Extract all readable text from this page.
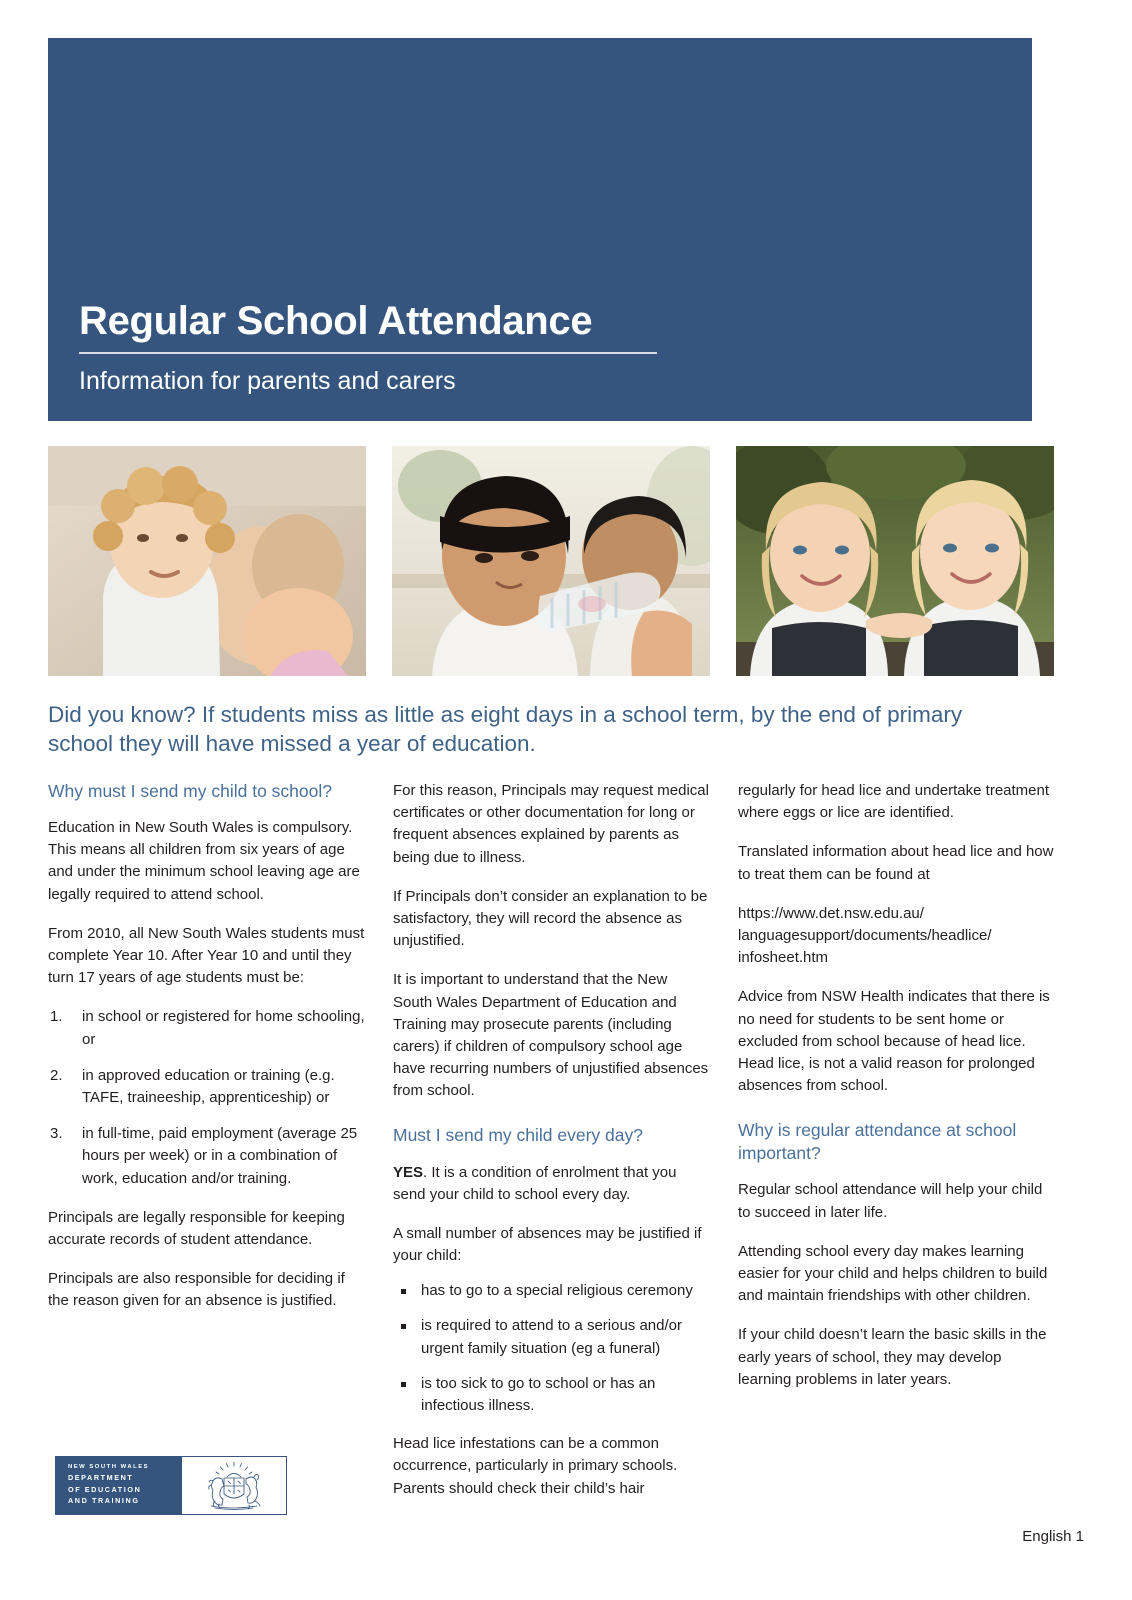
Regular School Attendance
Information for parents and carers
Did you know? If students miss as little as eight days in a school term, by the end of primary school they will have missed a year of education.
Why must I send my child to school?

Education in New South Wales is compulsory. This means all children from six years of age and under the minimum school leaving age are legally required to attend school.

From 2010, all New South Wales students must complete Year 10. After Year 10 and until they turn 17 years of age students must be:

1. in school or registered for home schooling, or
2. in approved education or training (e.g. TAFE, traineeship, apprenticeship) or
3. in full-time, paid employment (average 25 hours per week) or in a combination of work, education and/or training.

Principals are legally responsible for keeping accurate records of student attendance.

Principals are also responsible for deciding if the reason given for an absence is justified.

For this reason, Principals may request medical certificates or other documentation for long or frequent absences explained by parents as being due to illness.

If Principals don’t consider an explanation to be satisfactory, they will record the absence as unjustified.

It is important to understand that the New South Wales Department of Education and Training may prosecute parents (including carers) if children of compulsory school age have recurring numbers of unjustified absences from school.

Must I send my child every day?

YES. It is a condition of enrolment that you send your child to school every day.

A small number of absences may be justified if your child:

has to go to a special religious ceremony
is required to attend to a serious and/or urgent family situation (eg a funeral)
is too sick to go to school or has an infectious illness.

Head lice infestations can be a common occurrence, particularly in primary schools. Parents should check their child’s hair

regularly for head lice and undertake treatment where eggs or lice are identified.

Translated information about head lice and how to treat them can be found at

https://www.det.nsw.edu.au/
languagesupport/documents/headlice/
infosheet.htm

Advice from NSW Health indicates that there is no need for students to be sent home or excluded from school because of head lice. Head lice, is not a valid reason for prolonged absences from school.

Why is regular attendance at school important?

Regular school attendance will help your child to succeed in later life.

Attending school every day makes learning easier for your child and helps children to build and maintain friendships with other children.

If your child doesn’t learn the basic skills in the early years of school, they may develop learning problems in later years.

NEW SOUTH WALES
DEPARTMENT
OF EDUCATION
AND TRAINING
English 1
